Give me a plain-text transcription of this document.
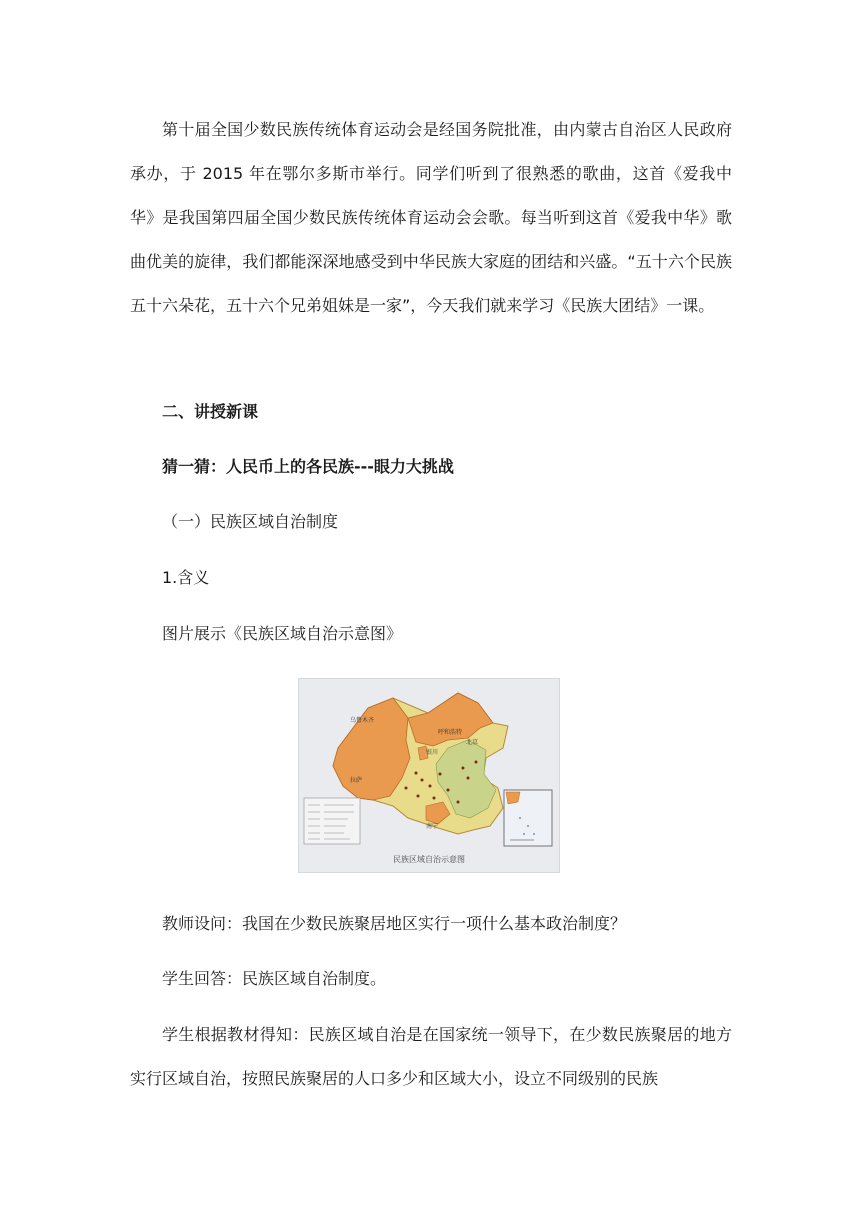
第十届全国少数民族传统体育运动会是经国务院批准，由内蒙古自治区人民政府承办，于 2015 年在鄂尔多斯市举行。同学们听到了很熟悉的歌曲，这首《爱我中华》是我国第四届全国少数民族传统体育运动会会歌。每当听到这首《爱我中华》歌曲优美的旋律，我们都能深深地感受到中华民族大家庭的团结和兴盛。“五十六个民族五十六朵花，五十六个兄弟姐妹是一家”，今天我们就来学习《民族大团结》一课。

二、讲授新课

猜一猜：人民币上的各民族---眼力大挑战

（一）民族区域自治制度

1.含义

图片展示《民族区域自治示意图》

乌鲁木齐
呼和浩特
银川
北京
拉萨
南宁
民族区域自治示意图

教师设问：我国在少数民族聚居地区实行一项什么基本政治制度？

学生回答：民族区域自治制度。

学生根据教材得知：民族区域自治是在国家统一领导下，在少数民族聚居的地方实行区域自治，按照民族聚居的人口多少和区域大小，设立不同级别的民族
